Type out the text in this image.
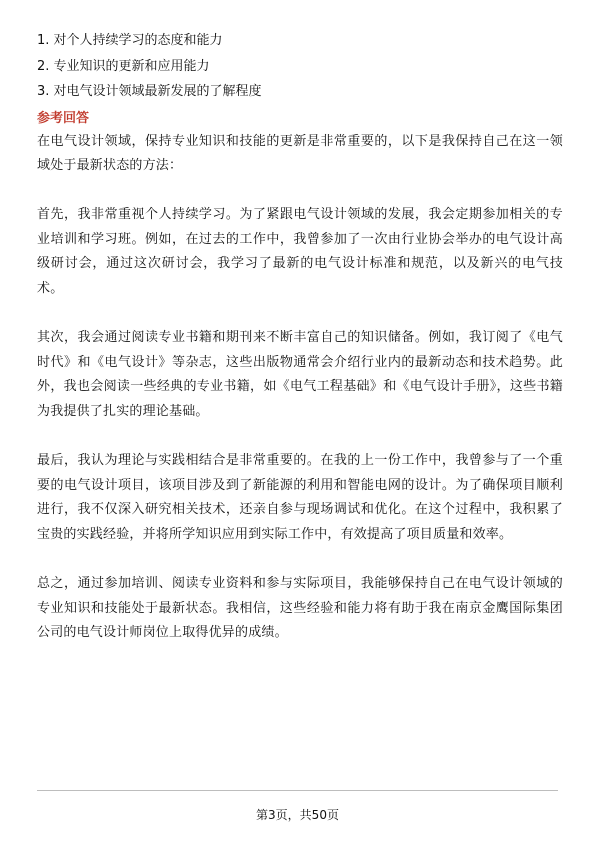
1. 对个人持续学习的态度和能力

2. 专业知识的更新和应用能力

3. 对电气设计领域最新发展的了解程度

参考回答

在电气设计领域，保持专业知识和技能的更新是非常重要的，以下是我保持自己在这一领域处于最新状态的方法：

首先，我非常重视个人持续学习。为了紧跟电气设计领域的发展，我会定期参加相关的专业培训和学习班。例如，在过去的工作中，我曾参加了一次由行业协会举办的电气设计高级研讨会，通过这次研讨会，我学习了最新的电气设计标准和规范，以及新兴的电气技术。

其次，我会通过阅读专业书籍和期刊来不断丰富自己的知识储备。例如，我订阅了《电气时代》和《电气设计》等杂志，这些出版物通常会介绍行业内的最新动态和技术趋势。此外，我也会阅读一些经典的专业书籍，如《电气工程基础》和《电气设计手册》，这些书籍为我提供了扎实的理论基础。

最后，我认为理论与实践相结合是非常重要的。在我的上一份工作中，我曾参与了一个重要的电气设计项目，该项目涉及到了新能源的利用和智能电网的设计。为了确保项目顺利进行，我不仅深入研究相关技术，还亲自参与现场调试和优化。在这个过程中，我积累了宝贵的实践经验，并将所学知识应用到实际工作中，有效提高了项目质量和效率。

总之，通过参加培训、阅读专业资料和参与实际项目，我能够保持自己在电气设计领域的专业知识和技能处于最新状态。我相信，这些经验和能力将有助于我在南京金鹰国际集团公司的电气设计师岗位上取得优异的成绩。

第3页，共50页
